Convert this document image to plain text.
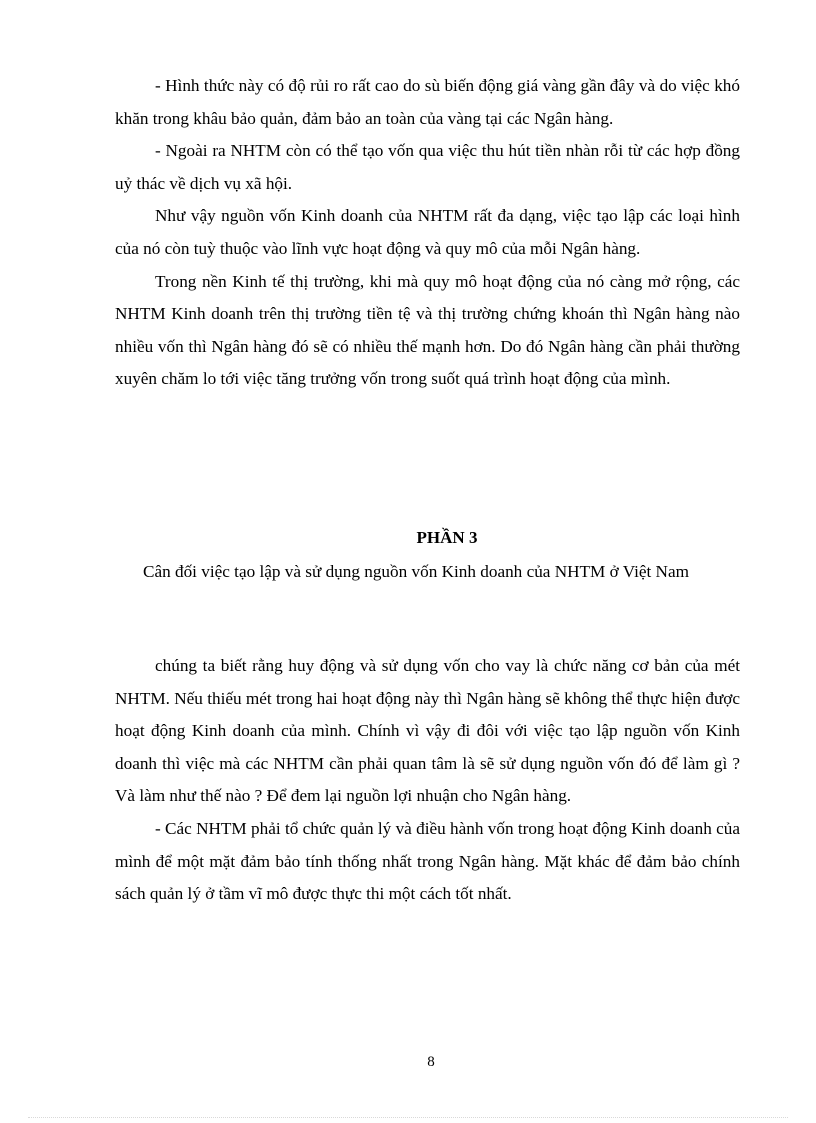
- Hình thức này có độ rủi ro rất cao do sù biến động giá vàng gần đây và do việc khó khăn trong khâu bảo quản, đảm bảo an toàn của vàng tại các Ngân hàng.

- Ngoài ra NHTM còn có thể tạo vốn qua việc thu hút tiền nhàn rỗi từ các hợp đồng uỷ thác về dịch vụ xã hội.

Như vậy nguồn vốn Kinh doanh của NHTM rất đa dạng, việc tạo lập các loại hình của nó còn tuỳ thuộc vào lĩnh vực hoạt động và quy mô của mỗi Ngân hàng.

Trong nền Kinh tế thị trường, khi mà quy mô hoạt động của nó càng mở rộng, các NHTM Kinh doanh trên thị trường tiền tệ và thị trường chứng khoán thì Ngân hàng nào nhiều vốn thì Ngân hàng đó sẽ có nhiều thế mạnh hơn. Do đó Ngân hàng cần phải thường xuyên chăm lo tới việc tăng trưởng vốn trong suốt quá trình hoạt động của mình.

PHẦN 3

Cân đối việc tạo lập và sử dụng nguồn vốn Kinh doanh của NHTM ở Việt Nam

chúng ta biết rằng huy động và sử dụng vốn cho vay là chức năng cơ bản của mét NHTM. Nếu thiếu mét trong hai hoạt động này thì Ngân hàng sẽ không thể thực hiện được hoạt động Kinh doanh của mình. Chính vì vậy đi đôi với việc tạo lập nguồn vốn Kinh doanh thì việc mà các NHTM cần phải quan tâm là sẽ sử dụng nguồn vốn đó để làm gì ? Và làm như thế nào ? Để đem lại nguồn lợi nhuận cho Ngân hàng.

- Các NHTM phải tổ chức quản lý và điều hành vốn trong hoạt động Kinh doanh của mình để một mặt đảm bảo tính thống nhất trong Ngân hàng. Mặt khác để đảm bảo chính sách quản lý ở tầm vĩ mô được thực thi một cách tốt nhất.

8
